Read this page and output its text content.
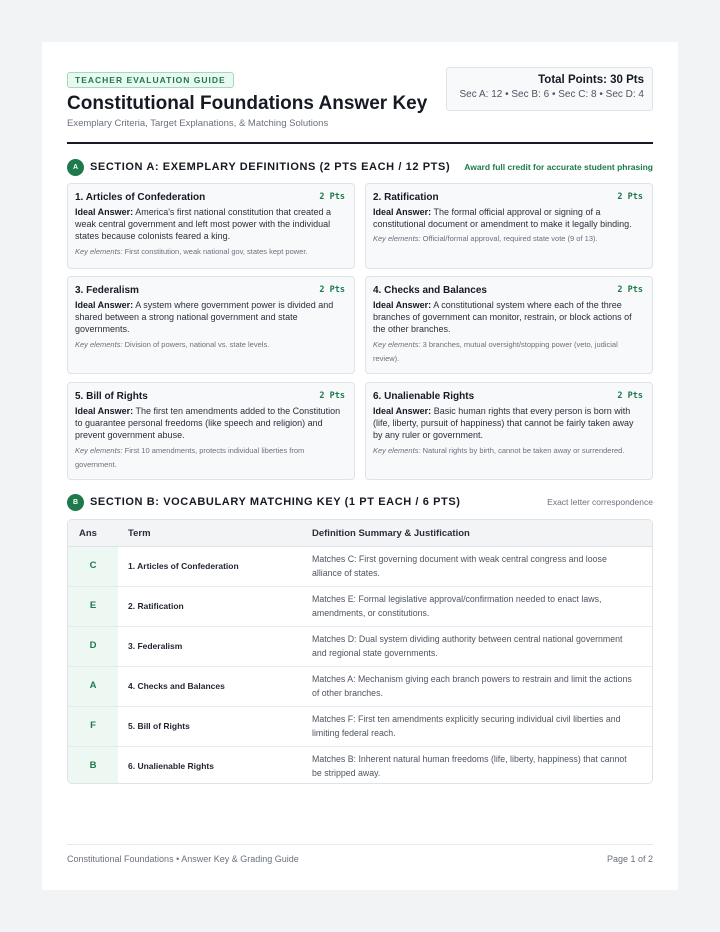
TEACHER EVALUATION GUIDE
Constitutional Foundations Answer Key
Exemplary Criteria, Target Explanations, & Matching Solutions
Total Points: 30 Pts
Sec A: 12 • Sec B: 6 • Sec C: 8 • Sec D: 4
A	SECTION A: EXEMPLARY DEFINITIONS (2 PTS EACH / 12 PTS) Award full credit for accurate student phrasing
1. Articles of Confederation	2 Pts
Ideal Answer: America's first national constitution that created a weak central government and left most power with the individual states because colonists feared a king.
Key elements: First constitution, weak national gov, states kept power.
2. Ratification	2 Pts
Ideal Answer: The formal official approval or signing of a constitutional document or amendment to make it legally binding.
Key elements: Official/formal approval, required state vote (9 of 13).
3. Federalism	2 Pts
Ideal Answer: A system where government power is divided and shared between a strong national government and state governments.
Key elements: Division of powers, national vs. state levels.
4. Checks and Balances	2 Pts
Ideal Answer: A constitutional system where each of the three branches of government can monitor, restrain, or block actions of the other branches.
Key elements: 3 branches, mutual oversight/stopping power (veto, judicial review).
5. Bill of Rights	2 Pts
Ideal Answer: The first ten amendments added to the Constitution to guarantee personal freedoms (like speech and religion) and prevent government abuse.
Key elements: First 10 amendments, protects individual liberties from government.
6. Unalienable Rights	2 Pts
Ideal Answer: Basic human rights that every person is born with (life, liberty, pursuit of happiness) that cannot be fairly taken away by any ruler or government.
Key elements: Natural rights by birth, cannot be taken away or surrendered.
B	SECTION B: VOCABULARY MATCHING KEY (1 PT EACH / 6 PTS)	Exact letter correspondence
Ans	Term	Definition Summary & Justification
C	1. Articles of Confederation
Matches C: First governing document with weak central congress and loose alliance of states.
E	2. Ratification
Matches E: Formal legislative approval/confirmation needed to enact laws, amendments, or constitutions.
D	3. Federalism
Matches D: Dual system dividing authority between central national government and regional state governments.
A	4. Checks and Balances
Matches A: Mechanism giving each branch powers to restrain and limit the actions of other branches.
F	5. Bill of Rights
Matches F: First ten amendments explicitly securing individual civil liberties and limiting federal reach.
B	6. Unalienable Rights
Matches B: Inherent natural human freedoms (life, liberty, happiness) that cannot be stripped away.
Constitutional Foundations • Answer Key & Grading Guide	Page 1 of 2
